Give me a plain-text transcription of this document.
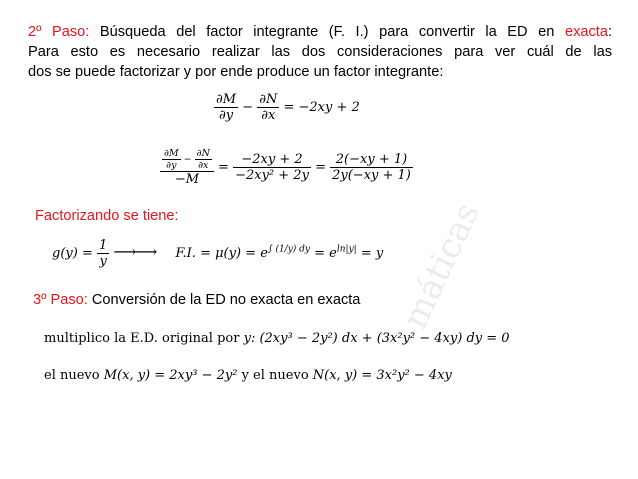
2º Paso: Búsqueda del factor integrante (F. I.) para convertir la ED en exacta:
Para esto es necesario realizar las dos consideraciones para ver cuál de las
dos se puede factorizar y por ende produce un factor integrante:
$\frac{\partial M}{\partial y} - \frac{\partial N}{\partial x} = -2xy + 2$
$\frac{\frac{\partial M}{\partial y} - \frac{\partial N}{\partial x}}{-M} = \frac{-2xy + 2}{\text{−2xy² + 2y}} = \frac{2(-xy + 1)}{2y(-xy + 1)}$
Factorizando se tiene:
$g(y) = \frac{1}{y}$ ⟶⟶ F.I. = $\mu(y) = e^{\int (1/y) dy} = e^{ln|y|} = y$
3º Paso: Conversión de la ED no exacta en exacta máticas
multiplico la E.D. original por y: (2xy³ − 2y²) dx + (3x²y² − 4xy) dy = 0
el nuevo M(x, y) = 2xy³ − 2y² y el nuevo N(x, y) = 3x²y² − 4xy
